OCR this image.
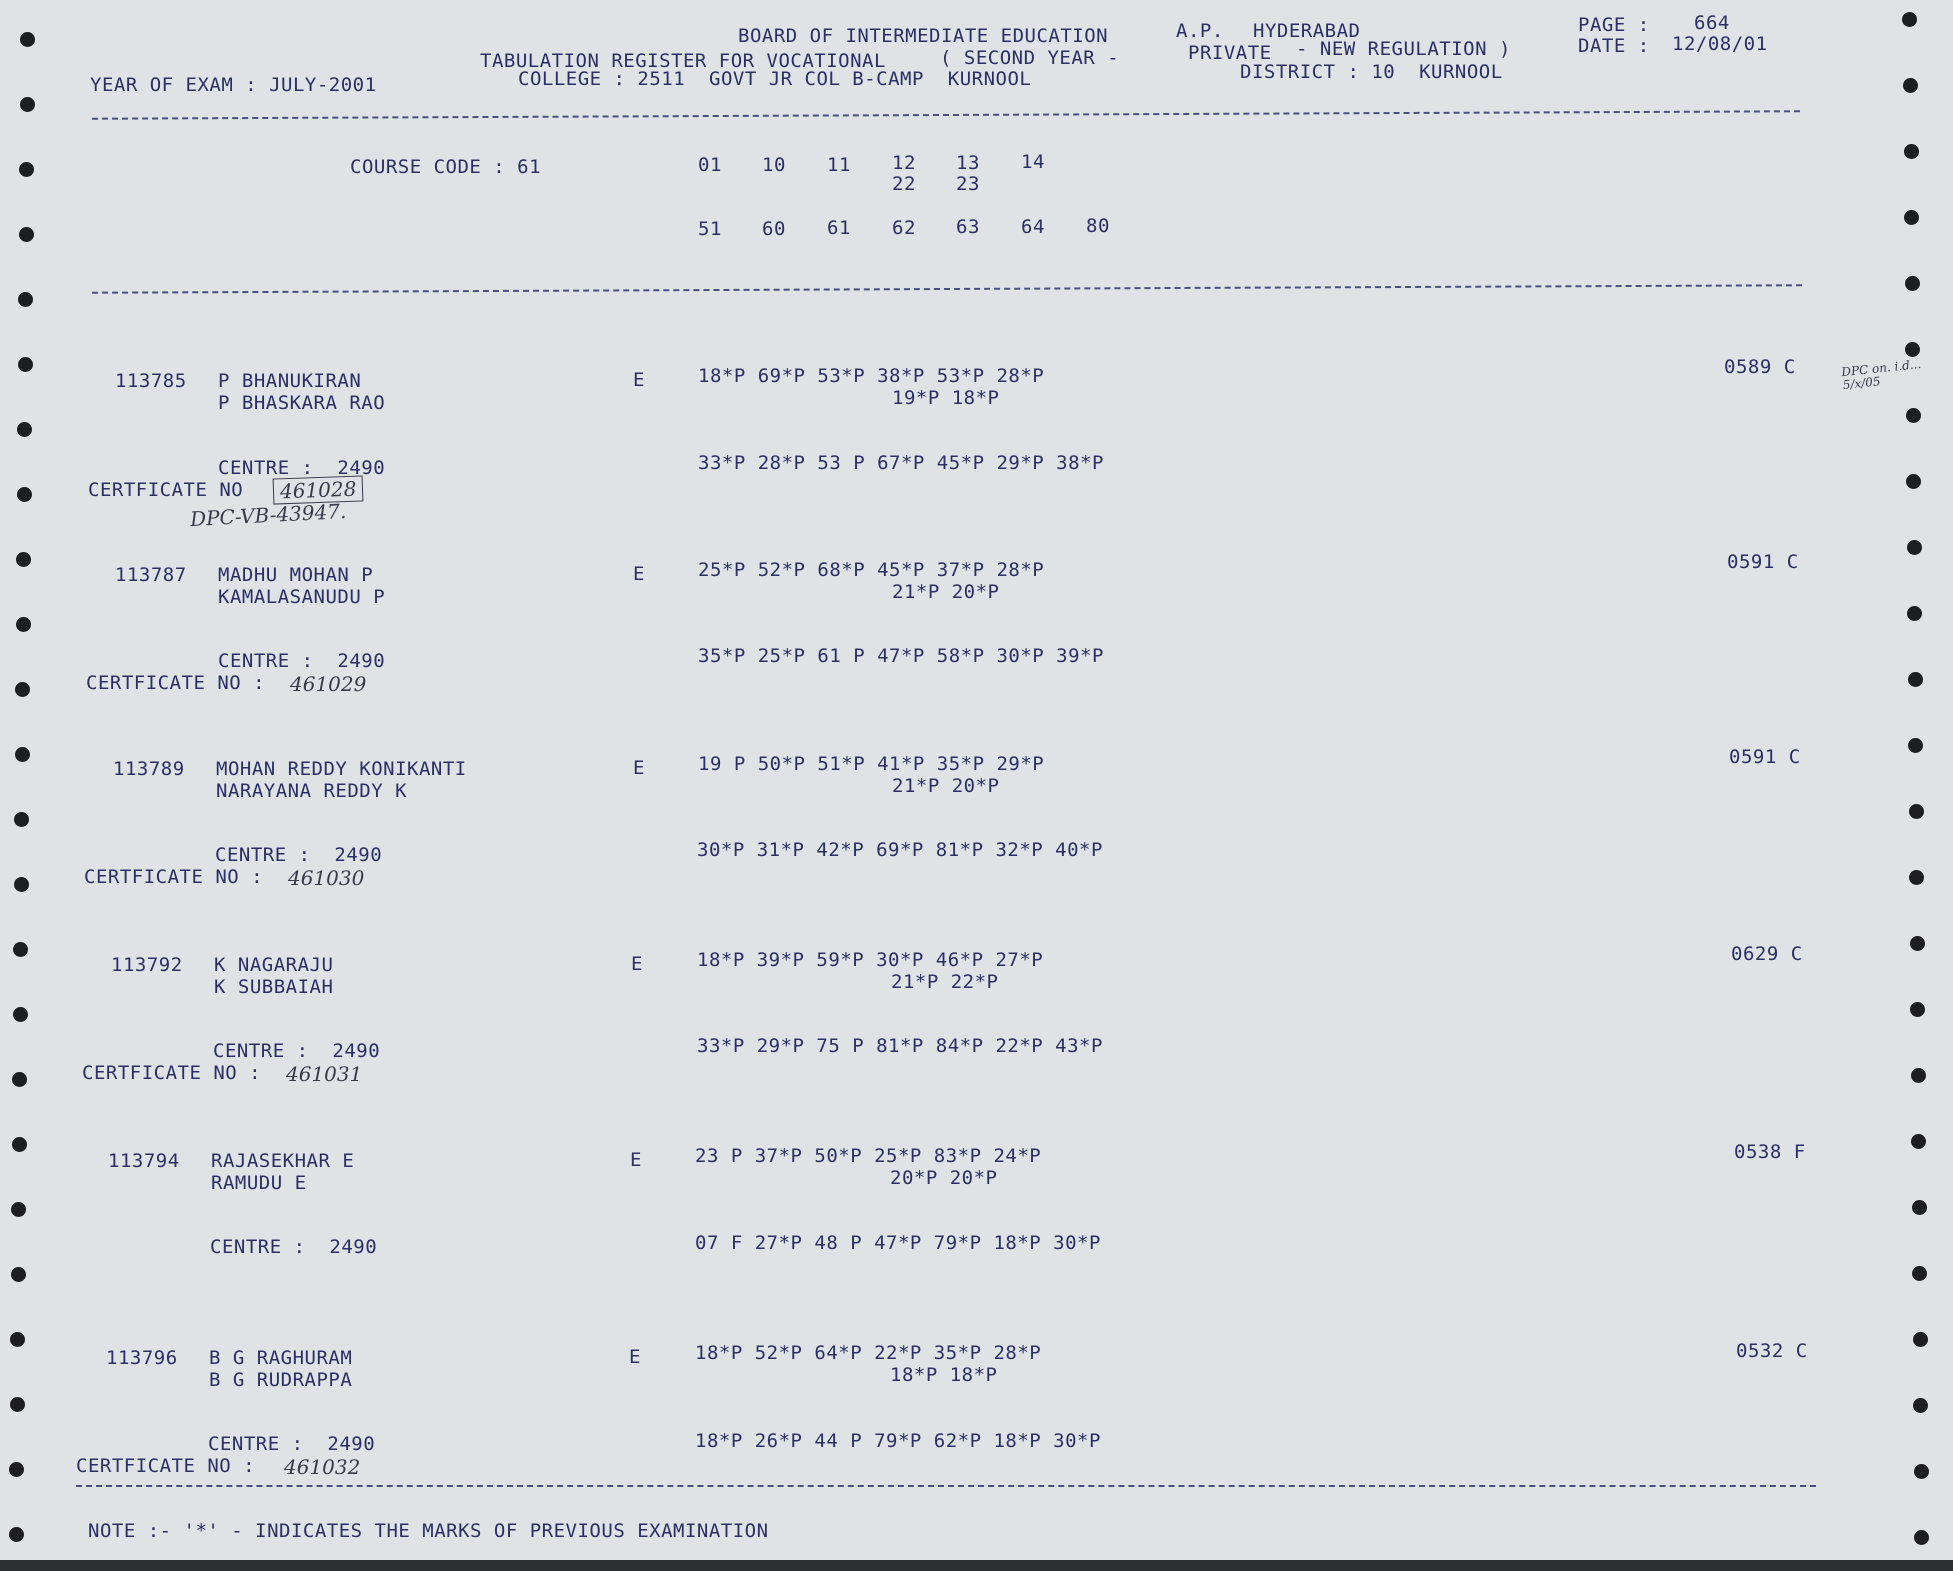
BOARD OF INTERMEDIATE EDUCATION	A.P. HYDERABAD	PAGE : 664
TABULATION REGISTER FOR VOCATIONAL	( SECOND YEAR -	PRIVATE - NEW REGULATION )	DATE : 12/08/01
YEAR OF EXAM : JULY-2001	COLLEGE : 2511  GOVT JR COL B-CAMP  KURNOOL	DISTRICT : 10  KURNOOL
COURSE CODE : 61	01 10 11 12 13 14
22 23
51 60 61 62 63 64 80
113785 P BHANUKIRAN
P BHASKARA RAO
E	18*P 69*P 53*P 38*P 53*P 28*P
19*P 18*P
0589 C	DPC on. i.d...
5/x/05
CENTRE :  2490	33*P 28*P 53 P 67*P 45*P 29*P 38*P
CERTFICATE NO	461028
DPC-VB-43947.
113787 MADHU MOHAN P
KAMALASANUDU P
E	25*P 52*P 68*P 45*P 37*P 28*P
21*P 20*P
0591 C
CENTRE :  2490	35*P 25*P 61 P 47*P 58*P 30*P 39*P
CERTFICATE NO : 461029
113789 MOHAN REDDY KONIKANTI
NARAYANA REDDY K
E	19 P 50*P 51*P 41*P 35*P 29*P
21*P 20*P
0591 C
CENTRE :  2490	30*P 31*P 42*P 69*P 81*P 32*P 40*P
CERTFICATE NO : 461030
113792 K NAGARAJU
K SUBBAIAH
E	18*P 39*P 59*P 30*P 46*P 27*P
21*P 22*P
0629 C
CENTRE :  2490	33*P 29*P 75 P 81*P 84*P 22*P 43*P
CERTFICATE NO : 461031
113794 RAJASEKHAR E
RAMUDU E
E	23 P 37*P 50*P 25*P 83*P 24*P
20*P 20*P
0538 F
CENTRE :  2490	07 F 27*P 48 P 47*P 79*P 18*P 30*P
113796 B G RAGHURAM
B G RUDRAPPA
E	18*P 52*P 64*P 22*P 35*P 28*P
18*P 18*P
0532 C
CENTRE :  2490	18*P 26*P 44 P 79*P 62*P 18*P 30*P
CERTFICATE NO : 461032
NOTE :- '*' - INDICATES THE MARKS OF PREVIOUS EXAMINATION
